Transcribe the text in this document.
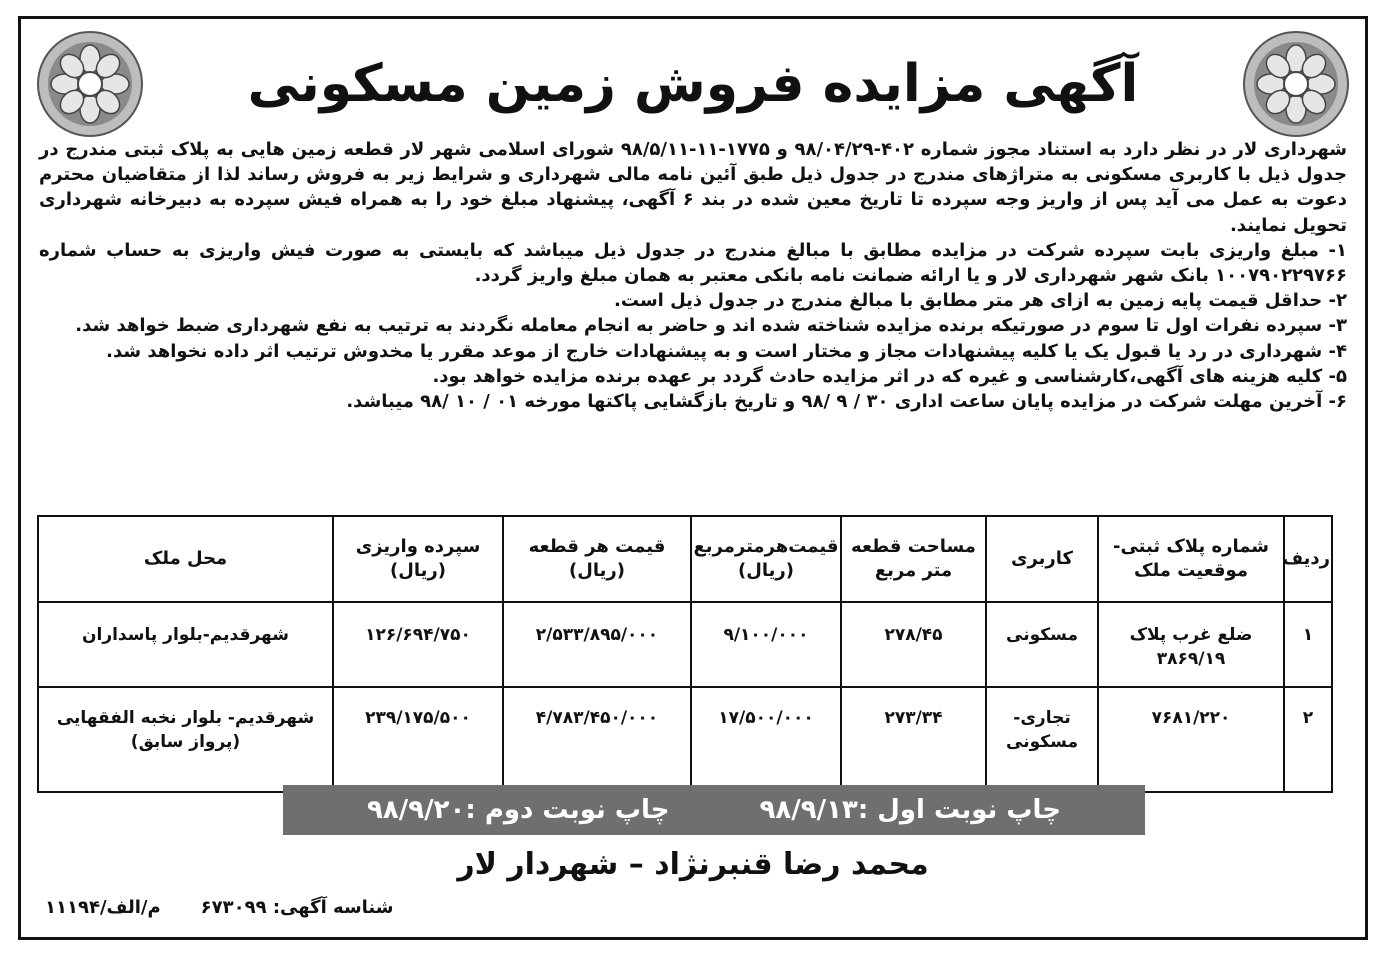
آگهی مزایده فروش زمین مسکونی

شهرداری لار در نظر دارد به استناد مجوز شماره ۴۰۲-۹۸/۰۴/۲۹ و ۱۷۷۵-۱۱-۹۸/۵/۱۱ شورای اسلامی شهر لار قطعه زمین هایی به پلاک ثبتی مندرج در جدول ذیل با کاربری مسکونی به متراژهای مندرج در جدول ذیل طبق آئین نامه مالی شهرداری و شرایط زیر به فروش رساند لذا از متقاضیان محترم دعوت به عمل می آید پس از واریز وجه سپرده تا تاریخ معین شده در بند ۶ آگهی، پیشنهاد مبلغ خود را به همراه فیش سپرده به دبیرخانه شهرداری تحویل نمایند.

۱- مبلغ واریزی بابت سپرده شرکت در مزایده مطابق با مبالغ مندرج در جدول ذیل میباشد که بایستی به صورت فیش واریزی به حساب شماره ۱۰۰۷۹۰۲۲۹۷۶۶ بانک شهر شهرداری لار و یا ارائه ضمانت نامه بانکی معتبر به همان مبلغ واریز گردد.

۲- حداقل قیمت پایه زمین به ازای هر متر مطابق با مبالغ مندرج در جدول ذیل است.

۳- سپرده نفرات اول تا سوم در صورتیکه برنده مزایده شناخته شده اند و حاضر به انجام معامله نگردند به ترتیب به نفع شهرداری ضبط خواهد شد.

۴- شهرداری در رد یا قبول یک یا کلیه پیشنهادات مجاز و مختار است و به پیشنهادات خارج از موعد مقرر یا مخدوش ترتیب اثر داده نخواهد شد.

۵- کلیه هزینه های آگهی،کارشناسی و غیره که در اثر مزایده حادث گردد بر عهده برنده مزایده خواهد بود.

۶- آخرین مهلت شرکت در مزایده پایان ساعت اداری ۳۰ / ۹ /۹۸ و تاریخ بازگشایی پاکتها مورخه ۰۱ / ۱۰ /۹۸ میباشد.

ردیف	شماره پلاک ثبتی- موقعیت ملک	کاربری	مساحت قطعه متر مربع	قیمت‌هرمترمربع (ریال)	قیمت هر قطعه (ریال)	سپرده واریزی (ریال)	محل ملک
۱	ضلع غرب پلاک ۳۸۶۹/۱۹	مسکونی	۲۷۸/۴۵	۹/۱۰۰/۰۰۰	۲/۵۳۳/۸۹۵/۰۰۰	۱۲۶/۶۹۴/۷۵۰	شهرقدیم-بلوار پاسداران
۲	۷۶۸۱/۲۲۰	تجاری- مسکونی	۲۷۳/۳۴	۱۷/۵۰۰/۰۰۰	۴/۷۸۳/۴۵۰/۰۰۰	۲۳۹/۱۷۵/۵۰۰	شهرقدیم- بلوار نخبه الفقهایی (پرواز سابق)
چاپ نوبت اول :۹۸/۹/۱۳
چاپ نوبت دوم :۹۸/۹/۲۰
محمد رضا قنبرنژاد – شهردار لار
شناسه آگهی: ۶۷۳۰۹۹
م/الف/۱۱۱۹۴
